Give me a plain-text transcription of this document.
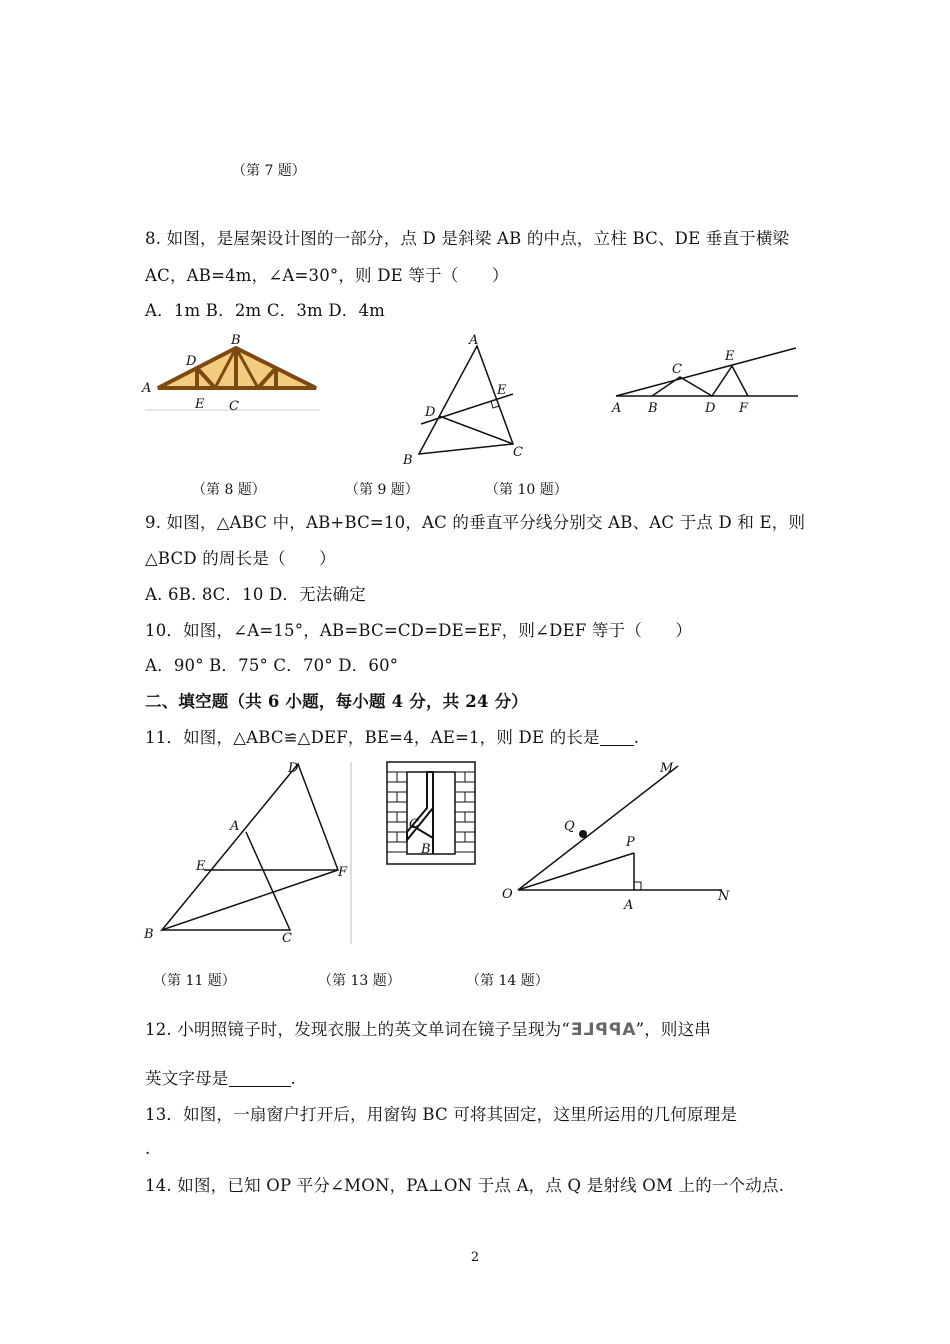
（第 7 题）
8. 如图，是屋架设计图的一部分，点 D 是斜梁 AB 的中点，立柱 BC、DE 垂直于横梁
AC，AB=4m，∠A=30°，则 DE 等于（　　）
A．1m B．2m C．3m D．4m
A
B
D
E C
A
E
D
C
B
C
E
A B	D F
（第 8 题）	（第 9 题）	（第 10 题）
9. 如图，△ABC 中，AB+BC=10，AC 的垂直平分线分别交 AB、AC 于点 D 和 E，则
△BCD 的周长是（　　）
A. 6B. 8C．10 D．无法确定
10．如图，∠A=15°，AB=BC=CD=DE=EF，则∠DEF 等于（　　）
A．90° B．75° C．70° D．60°
二、填空题（共 6 小题，每小题 4 分，共 24 分）
11．如图，△ABC≌△DEF，BE=4，AE=1，则 DE 的长是 .
D
A
E	F
B	C
C
B
M
Q
P
O
A
N
（第 11 题）	（第 13 题）	（第 14 题）
12. 小明照镜子时，发现衣服上的英文单词在镜子呈现为“APPLE”，则这串
英文字母是	.
13．如图，一扇窗户打开后，用窗钩 BC 可将其固定，这里所运用的几何原理是
.
14. 如图，已知 OP 平分∠MON，PA⊥ON 于点 A，点 Q 是射线 OM 上的一个动点.
2
